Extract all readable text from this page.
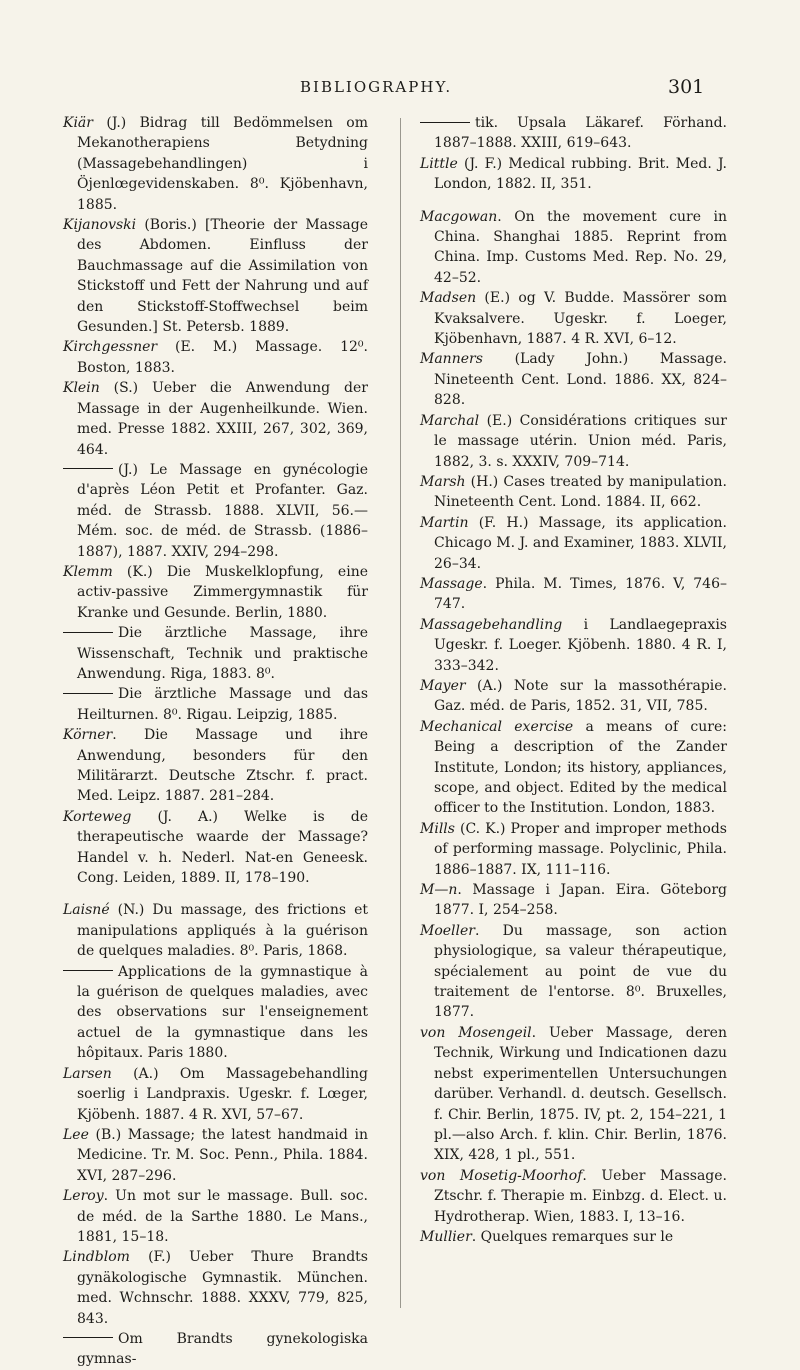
BIBLIOGRAPHY.	301
Kiär (J.) Bidrag till Bedömmelsen om Mekanotherapiens Betydning (Massagebehandlingen) i Öjenlœgevidenskaben. 8⁰. Kjöbenhavn, 1885.
Kijanovski (Boris.) [Theorie der Massage des Abdomen. Einfluss der Bauchmassage auf die Assimilation von Stickstoff und Fett der Nahrung und auf den Stickstoff-Stoffwechsel beim Gesunden.] St. Petersb. 1889.
Kirchgessner (E. M.) Massage. 12⁰. Boston, 1883.
Klein (S.) Ueber die Anwendung der Massage in der Augenheilkunde. Wien. med. Presse 1882. XXIII, 267, 302, 369, 464.
(J.) Le Massage en gynécologie d'après Léon Petit et Profanter. Gaz. méd. de Strassb. 1888. XLVII, 56.— Mém. soc. de méd. de Strassb. (1886–1887), 1887. XXIV, 294–298.
Klemm (K.) Die Muskelklopfung, eine activ-passive Zimmergymnastik für Kranke und Gesunde. Berlin, 1880.
Die ärztliche Massage, ihre Wissenschaft, Technik und praktische Anwendung. Riga, 1883. 8⁰.
Die ärztliche Massage und das Heilturnen. 8⁰. Rigau. Leipzig, 1885.
Körner. Die Massage und ihre Anwendung, besonders für den Militärarzt. Deutsche Ztschr. f. pract. Med. Leipz. 1887. 281–284.
Korteweg (J. A.) Welke is de therapeutische waarde der Massage? Handel v. h. Nederl. Nat-en Geneesk. Cong. Leiden, 1889. II, 178–190.
Laisné (N.) Du massage, des frictions et manipulations appliqués à la guérison de quelques maladies. 8⁰. Paris, 1868.
Applications de la gymnastique à la guérison de quelques maladies, avec des observations sur l'enseignement actuel de la gymnastique dans les hôpitaux. Paris 1880.
Larsen (A.) Om Massagebehandling soerlig i Landpraxis. Ugeskr. f. Lœger, Kjöbenh. 1887. 4 R. XVI, 57–67.
Lee (B.) Massage; the latest handmaid in Medicine. Tr. M. Soc. Penn., Phila. 1884. XVI, 287–296.
Leroy. Un mot sur le massage. Bull. soc. de méd. de la Sarthe 1880. Le Mans., 1881, 15–18.
Lindblom (F.) Ueber Thure Brandts gynäkologische Gymnastik. München. med. Wchnschr. 1888. XXXV, 779, 825, 843.
Om Brandts gynekologiska gymnas-
tik. Upsala Läkaref. Förhand. 1887–1888. XXIII, 619–643.
Little (J. F.) Medical rubbing. Brit. Med. J. London, 1882. II, 351.
Macgowan. On the movement cure in China. Shanghai 1885. Reprint from China. Imp. Customs Med. Rep. No. 29, 42–52.
Madsen (E.) og V. Budde. Massörer som Kvaksalvere. Ugeskr. f. Loeger, Kjöbenhavn, 1887. 4 R. XVI, 6–12.
Manners (Lady John.) Massage. Nineteenth Cent. Lond. 1886. XX, 824–828.
Marchal (E.) Considérations critiques sur le massage utérin. Union méd. Paris, 1882, 3. s. XXXIV, 709–714.
Marsh (H.) Cases treated by manipulation. Nineteenth Cent. Lond. 1884. II, 662.
Martin (F. H.) Massage, its application. Chicago M. J. and Examiner, 1883. XLVII, 26–34.
Massage. Phila. M. Times, 1876. V, 746–747.
Massagebehandling i Landlaegepraxis Ugeskr. f. Loeger. Kjöbenh. 1880. 4 R. I, 333–342.
Mayer (A.) Note sur la massothérapie. Gaz. méd. de Paris, 1852. 31, VII, 785.
Mechanical exercise a means of cure: Being a description of the Zander Institute, London; its history, appliances, scope, and object. Edited by the medical officer to the Institution. London, 1883.
Mills (C. K.) Proper and improper methods of performing massage. Polyclinic, Phila. 1886–1887. IX, 111–116.
M—n. Massage i Japan. Eira. Göteborg 1877. I, 254–258.
Moeller. Du massage, son action physiologique, sa valeur thérapeutique, spécialement au point de vue du traitement de l'entorse. 8⁰. Bruxelles, 1877.
von Mosengeil. Ueber Massage, deren Technik, Wirkung und Indicationen dazu nebst experimentellen Untersuchungen darüber. Verhandl. d. deutsch. Gesellsch. f. Chir. Berlin, 1875. IV, pt. 2, 154–221, 1 pl.—also Arch. f. klin. Chir. Berlin, 1876. XIX, 428, 1 pl., 551.
von Mosetig-Moorhof. Ueber Massage. Ztschr. f. Therapie m. Einbzg. d. Elect. u. Hydrotherap. Wien, 1883. I, 13–16.
Mullier. Quelques remarques sur le
